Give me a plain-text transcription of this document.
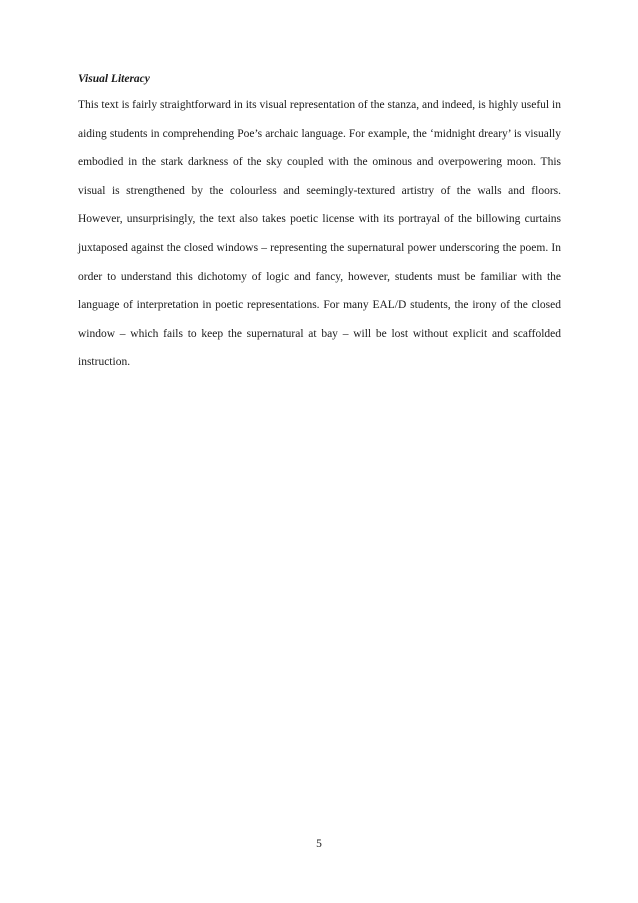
Visual Literacy

This text is fairly straightforward in its visual representation of the stanza, and indeed, is highly useful in aiding students in comprehending Poe’s archaic language. For example, the ‘midnight dreary’ is visually embodied in the stark darkness of the sky coupled with the ominous and overpowering moon. This visual is strengthened by the colourless and seemingly-textured artistry of the walls and floors. However, unsurprisingly, the text also takes poetic license with its portrayal of the billowing curtains juxtaposed against the closed windows – representing the supernatural power underscoring the poem. In order to understand this dichotomy of logic and fancy, however, students must be familiar with the language of interpretation in poetic representations. For many EAL/D students, the irony of the closed window – which fails to keep the supernatural at bay – will be lost without explicit and scaffolded instruction.

5
